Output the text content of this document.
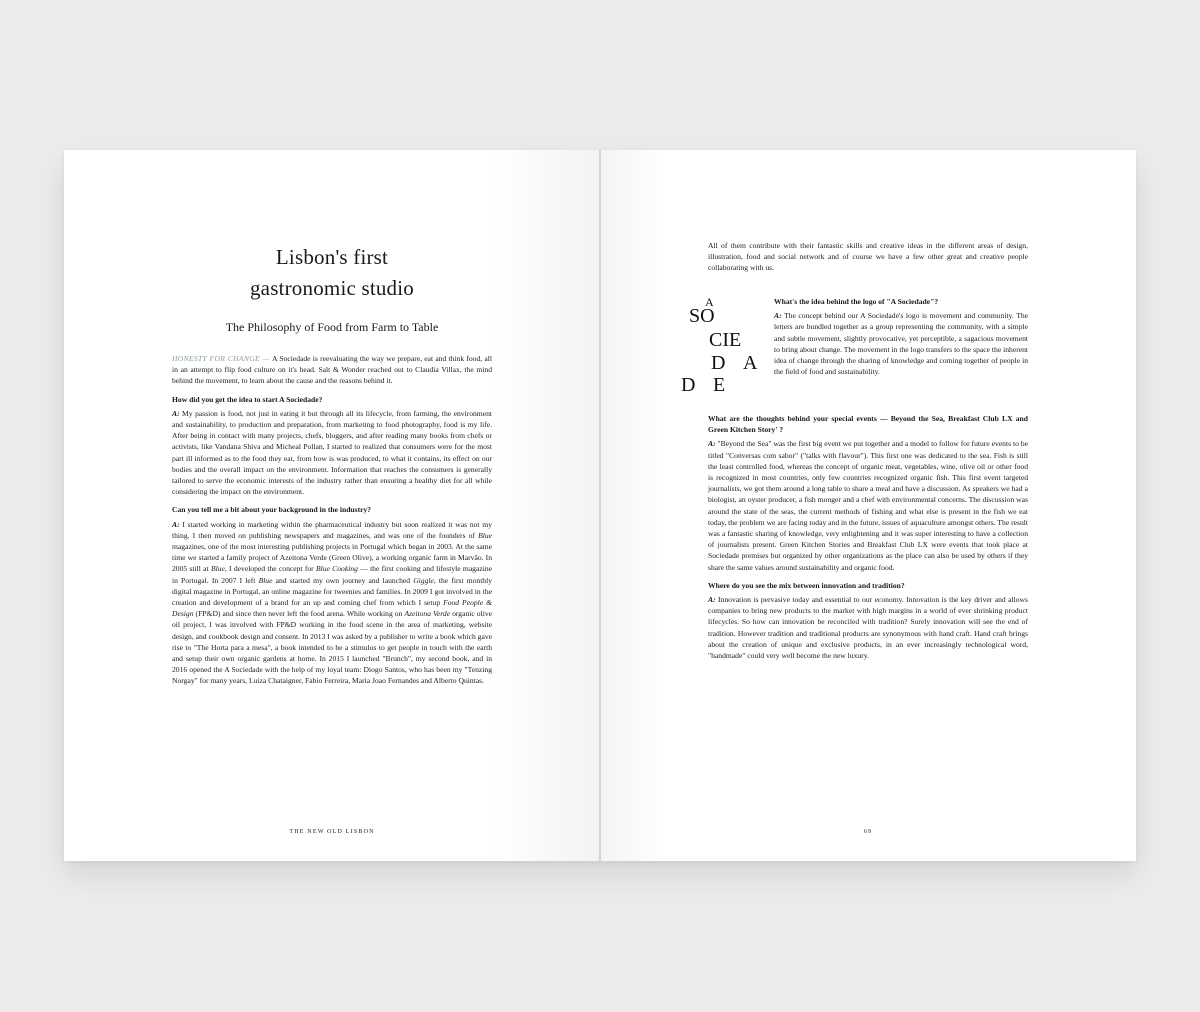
Lisbon's first
gastronomic studio
The Philosophy of Food from Farm to Table

HONESTY FOR CHANGE — A Sociedade is reevaluating the way we prepare, eat and think food, all in an attempt to flip food culture on it's head. Salt & Wonder reached out to Claudia Villax, the mind behind the movement, to learn about the cause and the reasons behind it.

How did you get the idea to start A Sociedade?

A: My passion is food, not just in eating it but through all its lifecycle, from farming, the environment and sustainability, to production and preparation, from marketing to food photography, food is my life. After being in contact with many projects, chefs, bloggers, and after reading many books from chefs or activists, like Vandana Shiva and Micheal Pollan, I started to realized that consumers were for the most part ill informed as to the food they eat, from how is was produced, to what it contains, its effect on our bodies and the overall impact on the environment. Information that reaches the consumers is generally tailored to serve the economic interests of the industry rather than ensuring a healthy diet for all while considering the impact on the environment.

Can you tell me a bit about your background in the industry?

A: I started working in marketing within the pharmaceutical industry but soon realized it was not my thing. I then moved on publishing newspapers and magazines, and was one of the founders of Blue magazines, one of the most interesting publishing projects in Portugal which began in 2003. At the same time we started a family project of Azeitona Verde (Green Olive), a working organic farm in Marvão. In 2005 still at Blue, I developed the concept for Blue Cooking — the first cooking and lifestyle magazine in Portugal. In 2007 I left Blue and started my own journey and launched Giggle, the first monthly digital magazine in Portugal, an online magazine for tweenies and families. In 2009 I got involved in the creation and development of a brand for an up and coming chef from which I setup Food People & Design (FP&D) and since then never left the food arena. While working on Azeitona Verde organic olive oil project, I was involved with FP&D working in the food scene in the area of marketing, website design, and cookbook design and consent. In 2013 I was asked by a publisher to write a book which gave rise to "The Horta para a mesa", a book intended to be a stimulus to get people in touch with the earth and setup their own organic gardens at home. In 2015 I launched "Brunch", my second book, and in 2016 opened the A Sociedade with the help of my loyal team: Diogo Santos, who has been my "Tenzing Norgay" for many years, Luiza Chataigner, Fabio Ferreira, Maria Joao Fernandes and Alberto Quintas.

THE NEW OLD LISBON

All of them contribute with their fantastic skills and creative ideas in the different areas of design, illustration, food and social network and of course we have a few other great and creative people collaborating with us.

A
SO
CIE
D A
D E

What's the idea behind the logo of "A Sociedade"?

A: The concept behind our A Sociedade's logo is movement and community. The letters are bundled together as a group representing the community, with a simple and subtle movement, slightly provocative, yet perceptible, a sagacious movement to bring about change. The movement in the logo transfers to the space the inherent idea of change through the sharing of knowledge and coming together of people in the field of food and sustainability.

What are the thoughts behind your special events — Beyond the Sea, Breakfast Club LX and Green Kitchen Story' ?

A: "Beyond the Sea" was the first big event we put together and a model to follow for future events to be titled "Conversas com sabor" ("talks with flavour"). This first one was dedicated to the sea. Fish is still the least controlled food, whereas the concept of organic meat, vegetables, wine, olive oil or other food is recognized in most countries, only few countries recognized organic fish. This first event targeted journalists, we got them around a long table to share a meal and have a discussion. As speakers we had a biologist, an oyster producer, a fish monger and a chef with environmental concerns. The discussion was around the state of the seas, the current methods of fishing and what else is present in the fish we eat today, the problem we are facing today and in the future, issues of aquaculture amongst others. The result was a fantastic sharing of knowledge, very enlightening and it was super interesting to have a collection of journalists present. Green Kitchen Stories and Breakfast Club LX were events that took place at Sociedade premises but organized by other organizations as the place can also be used by others if they share the same values around sustainability and organic food.

Where do you see the mix between innovation and tradition?

A: Innovation is pervasive today and essential to our economy. Innovation is the key driver and allows companies to bring new products to the market with high margins in a world of ever shrinking product lifecycles. So how can innovation be reconciled with tradition? Surely innovation will see the end of tradition. However tradition and traditional products are synonymous with hand craft. Hand craft brings about the creation of unique and exclusive products, in an ever increasingly technological word, "handmade" could very well become the new luxury.

69
